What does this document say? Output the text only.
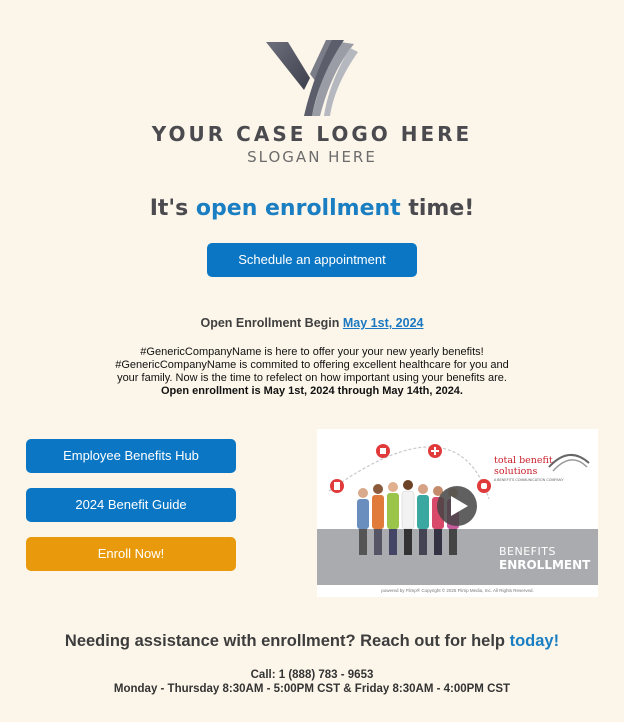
YOUR CASE LOGO HERE
SLOGAN HERE
It's open enrollment time!
Schedule an appointment
Open Enrollment Begin May 1st, 2024
#GenericCompanyName is here to offer your your new yearly benefits! #GenericCompanyName is commited to offering excellent healthcare for you and your family. Now is the time to refelect on how important using your benefits are. Open enrollment is May 1st, 2024 through May 14th, 2024.
Employee Benefits Hub
2024 Benefit Guide
Enroll Now!
total benefit solutions
A BENEFITS COMMUNICATION COMPANY
BENEFITS
ENROLLMENT
powered by Flimp® Copyright © 2025 Flimp Media, Inc. All Rights Reserved.
Needing assistance with enrollment? Reach out for help today!
Call: 1 (888) 783 - 9653
Monday - Thursday 8:30AM - 5:00PM CST & Friday 8:30AM - 4:00PM CST
